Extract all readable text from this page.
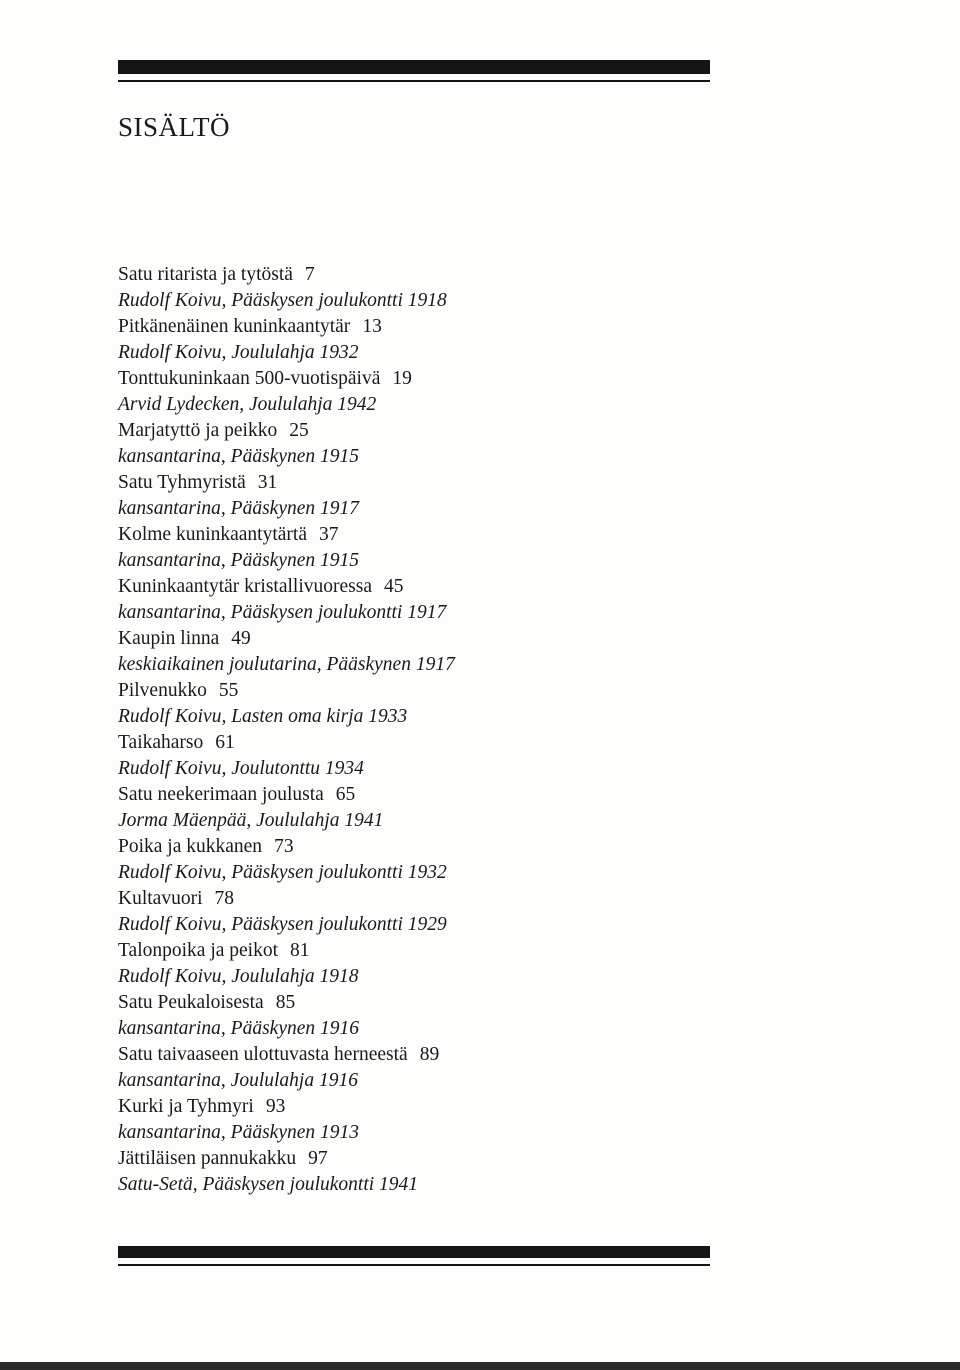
SISÄLTÖ
Satu ritarista ja tytöstä 7
Rudolf Koivu, Pääskysen joulukontti 1918
Pitkänenäinen kuninkaantytär 13
Rudolf Koivu, Joululahja 1932
Tonttukuninkaan 500-vuotispäivä 19
Arvid Lydecken, Joululahja 1942
Marjatyttö ja peikko 25
kansantarina, Pääskynen 1915
Satu Tyhmyristä 31
kansantarina, Pääskynen 1917
Kolme kuninkaantytärtä 37
kansantarina, Pääskynen 1915
Kuninkaantytär kristallivuoressa 45
kansantarina, Pääskysen joulukontti 1917
Kaupin linna 49
keskiaikainen joulutarina, Pääskynen 1917
Pilvenukko 55
Rudolf Koivu, Lasten oma kirja 1933
Taikaharso 61
Rudolf Koivu, Joulutonttu 1934
Satu neekerimaan joulusta 65
Jorma Mäenpää, Joululahja 1941
Poika ja kukkanen 73
Rudolf Koivu, Pääskysen joulukontti 1932
Kultavuori 78
Rudolf Koivu, Pääskysen joulukontti 1929
Talonpoika ja peikot 81
Rudolf Koivu, Joululahja 1918
Satu Peukaloisesta 85
kansantarina, Pääskynen 1916
Satu taivaaseen ulottuvasta herneestä 89
kansantarina, Joululahja 1916
Kurki ja Tyhmyri 93
kansantarina, Pääskynen 1913
Jättiläisen pannukakku 97
Satu-Setä, Pääskysen joulukontti 1941
